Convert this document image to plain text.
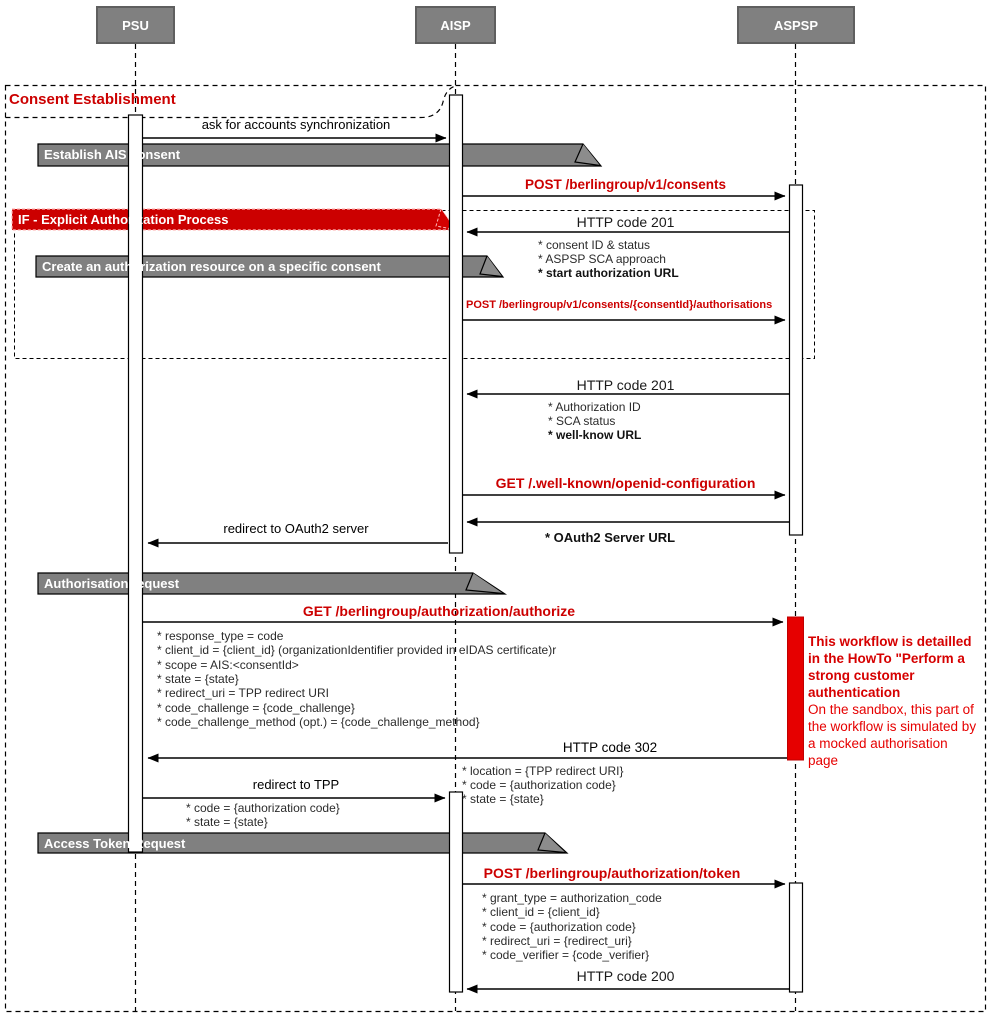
PSU	AISP	ASPSP
Consent Establishment
Establish AIS consent
Create an authorization resource on a specific consent
Authorisation request
Access Token Request
IF - Explicit Authorization Process
ask for accounts synchronization
POST /berlingroup/v1/consents
HTTP code 201
* consent ID & status
* ASPSP SCA approach
* start authorization URL
POST /berlingroup/v1/consents/{consentId}/authorisations
HTTP code 201
* Authorization ID
* SCA status
* well-know URL
GET /.well-known/openid-configuration
* OAuth2 Server URL
redirect to OAuth2 server
GET /berlingroup/authorization/authorize
* response_type = code
* client_id = {client_id} (organizationIdentifier provided in eIDAS certificate)r
* scope = AIS:<consentId>
* state = {state}
* redirect_uri = TPP redirect URI
* code_challenge = {code_challenge}
* code_challenge_method (opt.) = {code_challenge_method}
HTTP code 302
* location = {TPP redirect URI}
* code = {authorization code}
* state = {state}
redirect to TPP
* code = {authorization code}
* state = {state}
POST /berlingroup/authorization/token
* grant_type = authorization_code
* client_id = {client_id}
* code = {authorization code}
* redirect_uri = {redirect_uri}
* code_verifier = {code_verifier}
HTTP code 200
This workflow is detailled
in the HowTo "Perform a
strong customer
authentication
On the sandbox, this part of
the workflow is simulated by
a mocked authorisation
page
